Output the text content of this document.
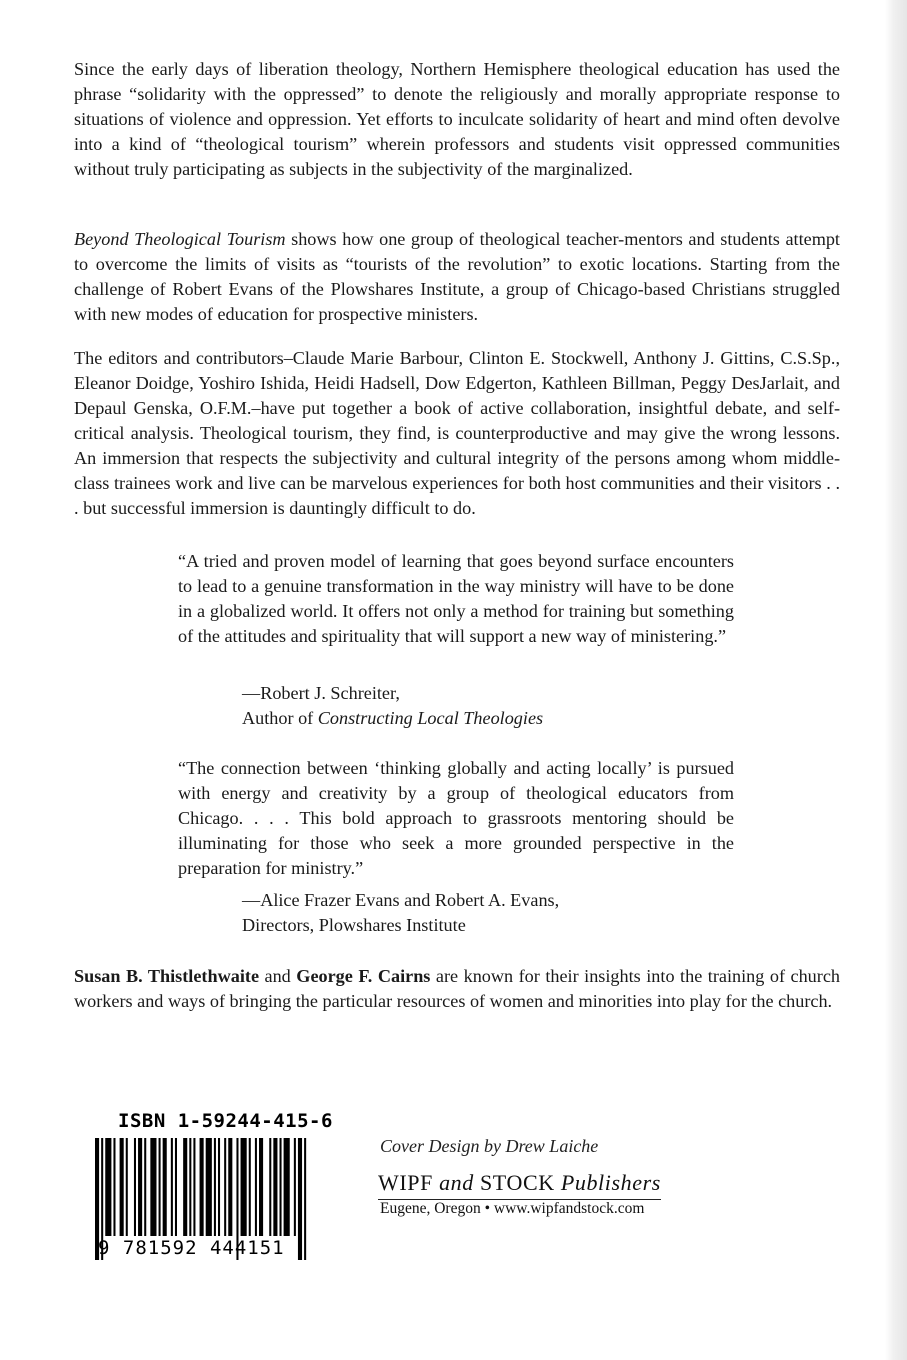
Since the early days of liberation theology, Northern Hemisphere theological education has used the phrase “solidarity with the oppressed” to denote the religiously and morally appropriate response to situations of violence and oppression. Yet efforts to inculcate solidarity of heart and mind often devolve into a kind of “theological tourism” wherein professors and students visit oppressed communities without truly participating as subjects in the subjectivity of the marginalized.

Beyond Theological Tourism shows how one group of theological teacher-mentors and students attempt to overcome the limits of visits as “tourists of the revolution” to exotic locations. Starting from the challenge of Robert Evans of the Plowshares Institute, a group of Chicago-based Christians struggled with new modes of education for prospective ministers.

The editors and contributors–Claude Marie Barbour, Clinton E. Stockwell, Anthony J. Gittins, C.S.Sp., Eleanor Doidge, Yoshiro Ishida, Heidi Hadsell, Dow Edgerton, Kathleen Billman, Peggy DesJarlait, and Depaul Genska, O.F.M.–have put together a book of active collaboration, insightful debate, and self-critical analysis. Theological tourism, they find, is counterproductive and may give the wrong lessons. An immersion that respects the subjectivity and cultural integrity of the persons among whom middle-class trainees work and live can be marvelous experiences for both host communities and their visitors . . . but successful immersion is dauntingly difficult to do.

“A tried and proven model of learning that goes beyond surface encounters to lead to a genuine transformation in the way ministry will have to be done in a globalized world. It offers not only a method for training but something of the attitudes and spirituality that will support a new way of ministering.”

—Robert J. Schreiter,
Author of Constructing Local Theologies

“The connection between ‘thinking globally and acting locally’ is pursued with energy and creativity by a group of theological educators from Chicago. . . . This bold approach to grassroots mentoring should be illuminating for those who seek a more grounded perspective in the preparation for ministry.”

—Alice Frazer Evans and Robert A. Evans,
Directors, Plowshares Institute

Susan B. Thistlethwaite and George F. Cairns are known for their insights into the training of church workers and ways of bringing the particular resources of women and minorities into play for the church.

ISBN 1-59244-415-6
9 781592 444151
Cover Design by Drew Laiche
WIPF and STOCK Publishers
Eugene, Oregon • www.wipfandstock.com
